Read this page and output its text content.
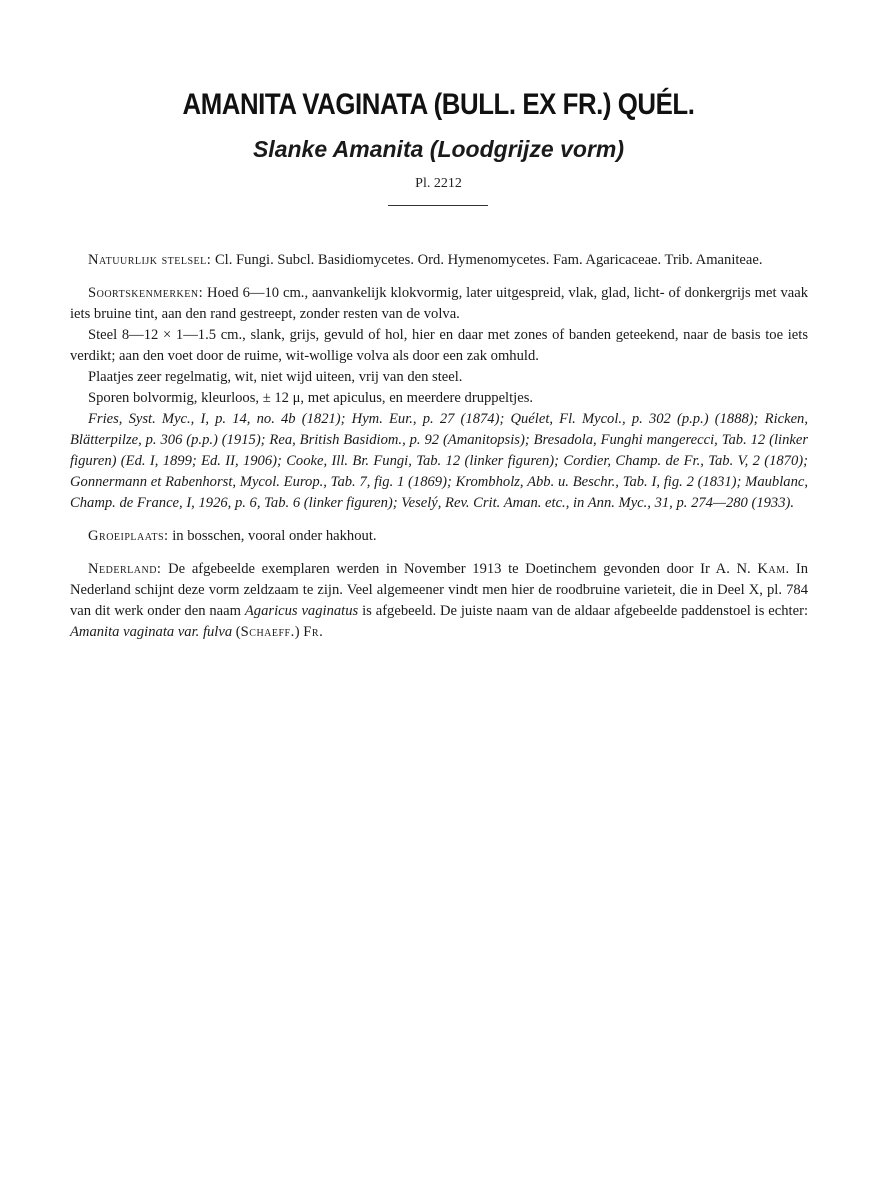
AMANITA VAGINATA (BULL. EX FR.) QUÉL.
Slanke Amanita (Loodgrijze vorm)
Pl. 2212

Natuurlijk stelsel: Cl. Fungi. Subcl. Basidiomycetes. Ord. Hymenomycetes. Fam. Agaricaceae. Trib. Amaniteae.

Soortskenmerken: Hoed 6—10 cm., aanvankelijk klokvormig, later uitgespreid, vlak, glad, licht- of donkergrijs met vaak iets bruine tint, aan den rand gestreept, zonder resten van de volva.

Steel 8—12 × 1—1.5 cm., slank, grijs, gevuld of hol, hier en daar met zones of banden geteekend, naar de basis toe iets verdikt; aan den voet door de ruime, wit-wollige volva als door een zak omhuld.

Plaatjes zeer regelmatig, wit, niet wijd uiteen, vrij van den steel.

Sporen bolvormig, kleurloos, ± 12 μ, met apiculus, en meerdere druppeltjes.

Fries, Syst. Myc., I, p. 14, no. 4b (1821); Hym. Eur., p. 27 (1874); Quélet, Fl. Mycol., p. 302 (p.p.) (1888); Ricken, Blätterpilze, p. 306 (p.p.) (1915); Rea, British Basidiom., p. 92 (Amanitopsis); Bresadola, Funghi mangerecci, Tab. 12 (linker figuren) (Ed. I, 1899; Ed. II, 1906); Cooke, Ill. Br. Fungi, Tab. 12 (linker figuren); Cordier, Champ. de Fr., Tab. V, 2 (1870); Gonnermann et Rabenhorst, Mycol. Europ., Tab. 7, fig. 1 (1869); Krombholz, Abb. u. Beschr., Tab. I, fig. 2 (1831); Maublanc, Champ. de France, I, 1926, p. 6, Tab. 6 (linker figuren); Veselý, Rev. Crit. Aman. etc., in Ann. Myc., 31, p. 274—280 (1933).

Groeiplaats: in bosschen, vooral onder hakhout.

Nederland: De afgebeelde exemplaren werden in November 1913 te Doetinchem gevonden door Ir A. N. Kam. In Nederland schijnt deze vorm zeldzaam te zijn. Veel algemeener vindt men hier de roodbruine varieteit, die in Deel X, pl. 784 van dit werk onder den naam Agaricus vaginatus is afgebeeld. De juiste naam van de aldaar afgebeelde paddenstoel is echter: Amanita vaginata var. fulva (Schaeff.) Fr.
